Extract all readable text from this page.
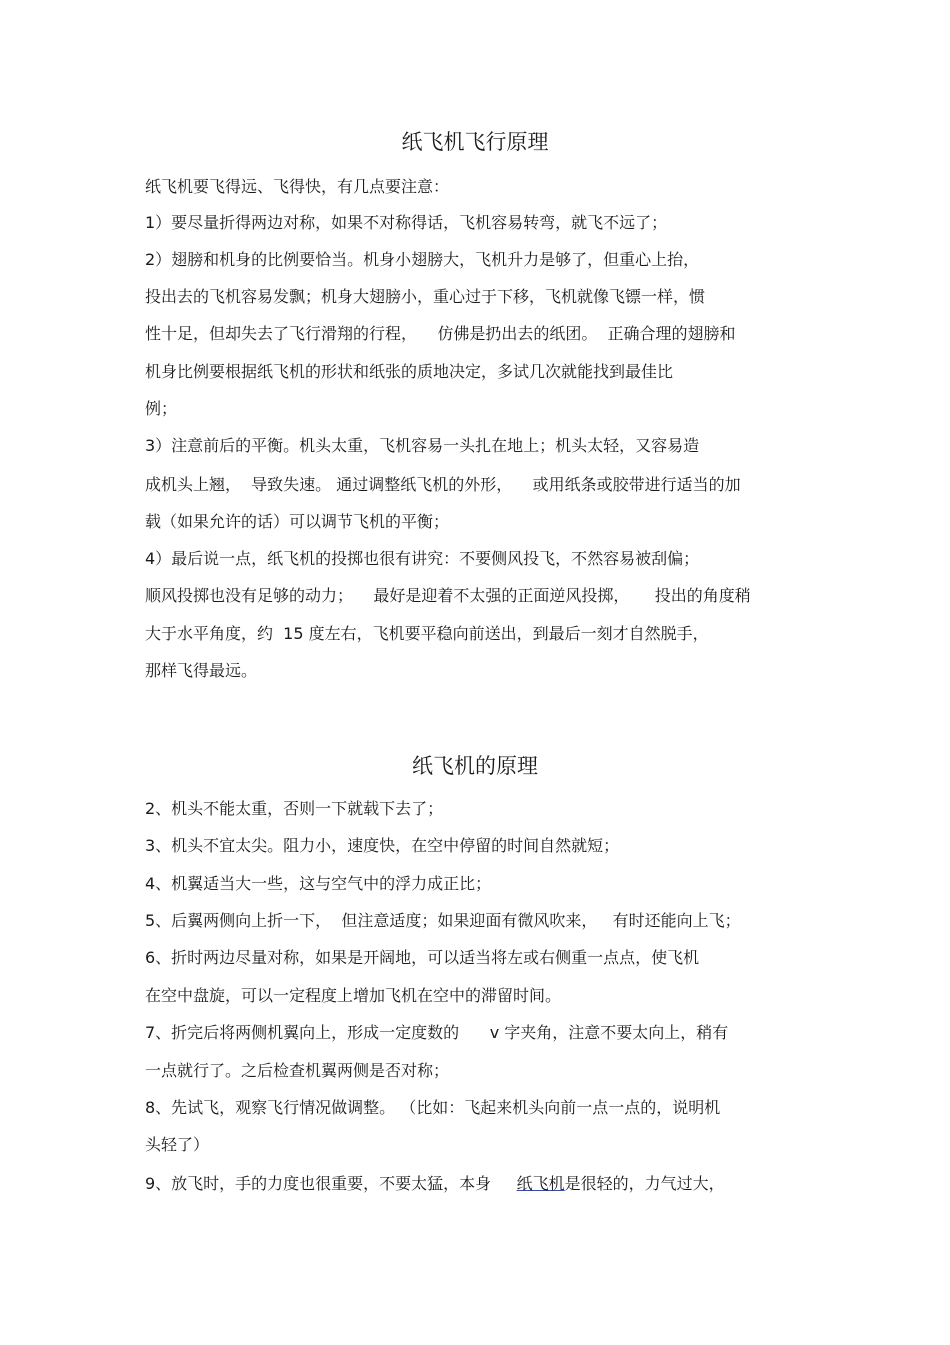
纸飞机飞行原理
纸飞机要飞得远、飞得快，有几点要注意：
1）要尽量折得两边对称，如果不对称得话，飞机容易转弯，就飞不远了；
2）翅膀和机身的比例要恰当。机身小翅膀大，飞机升力是够了，但重心上抬，
投出去的飞机容易发飘；机身大翅膀小，重心过于下移，飞机就像飞镖一样，惯
性十足，但却失去了飞行滑翔的行程，    仿佛是扔出去的纸团。  正确合理的翅膀和
机身比例要根据纸飞机的形状和纸张的质地决定，多试几次就能找到最佳比
例；
3）注意前后的平衡。机头太重，飞机容易一头扎在地上；机头太轻，又容易造
成机头上翘，  导致失速。 通过调整纸飞机的外形，    或用纸条或胶带进行适当的加
载（如果允许的话）可以调节飞机的平衡；
4）最后说一点，纸飞机的投掷也很有讲究：不要侧风投飞，不然容易被刮偏；
顺风投掷也没有足够的动力；    最好是迎着不太强的正面逆风投掷，     投出的角度稍
大于水平角度，约  15 度左右，飞机要平稳向前送出，到最后一刻才自然脱手，
那样飞得最远。
纸飞机的原理
2、机头不能太重，否则一下就载下去了；
3、机头不宜太尖。阻力小，速度快，在空中停留的时间自然就短；
4、机翼适当大一些，这与空气中的浮力成正比；
5、后翼两侧向上折一下，  但注意适度；如果迎面有微风吹来，   有时还能向上飞；
6、折时两边尽量对称，如果是开阔地，可以适当将左或右侧重一点点，使飞机
在空中盘旋，可以一定程度上增加飞机在空中的滞留时间。
7、折完后将两侧机翼向上，形成一定度数的      v 字夹角，注意不要太向上，稍有
一点就行了。之后检查机翼两侧是否对称；
8、先试飞，观察飞行情况做调整。 （比如：飞起来机头向前一点一点的，说明机
头轻了）
9、放飞时，手的力度也很重要，不要太猛，本身     纸飞机是很轻的，力气过大，
